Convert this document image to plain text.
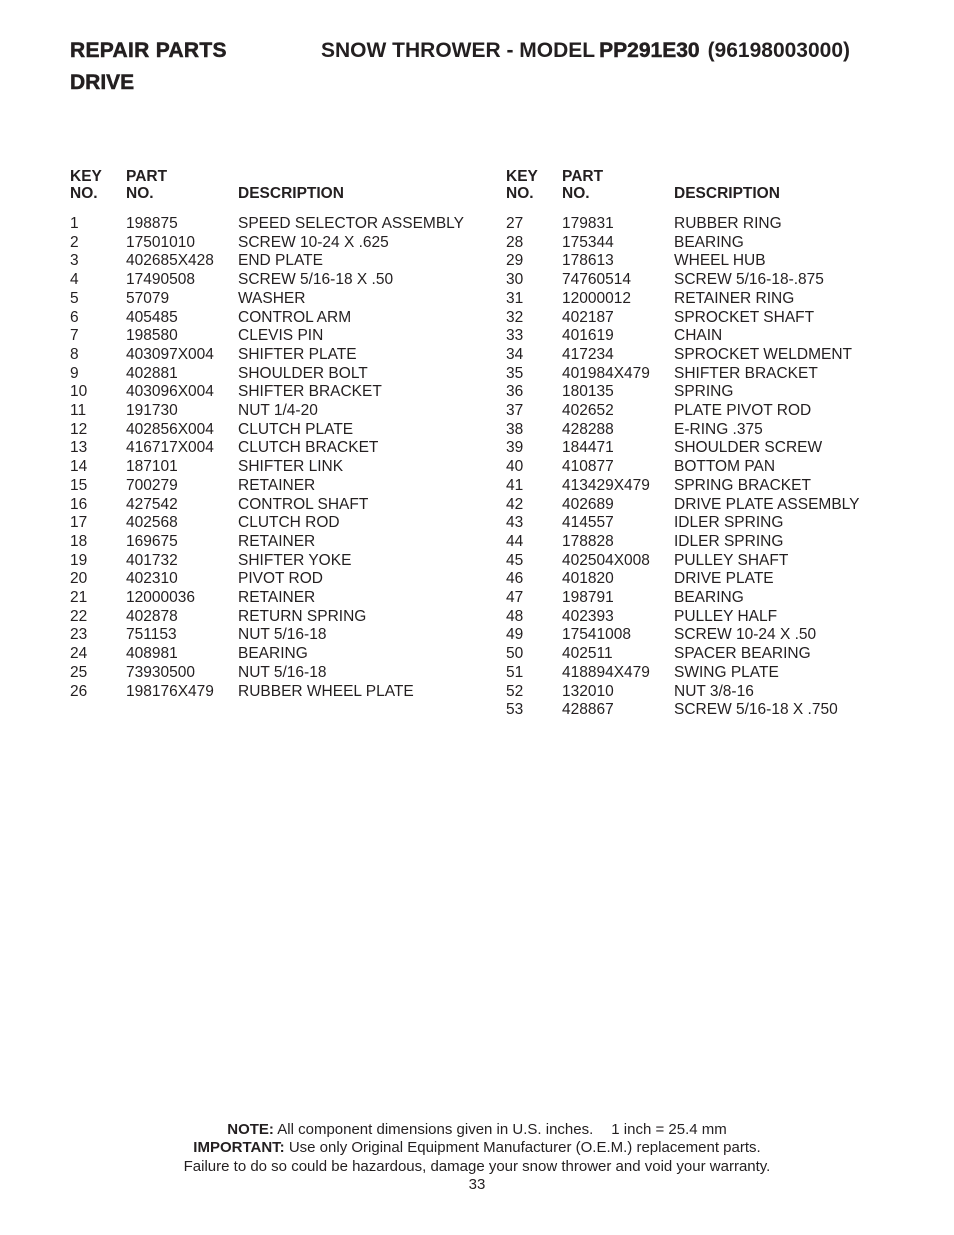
REPAIR PARTS	SNOW THROWER - MODEL PP291E30 (96198003000)
DRIVE
KEY
NO.
PART
NO.	DESCRIPTION
1	198875	SPEED SELECTOR ASSEMBLY
2	17501010	SCREW 10-24 X .625
3	402685X428 END PLATE
4	17490508	SCREW 5/16-18 X .50
5	57079	WASHER
6	405485	CONTROL ARM
7	198580	CLEVIS PIN
8	403097X004 SHIFTER PLATE
9	402881	SHOULDER BOLT
10	403096X004 SHIFTER BRACKET
11	191730	NUT 1/4-20
12	402856X004 CLUTCH PLATE
13	416717X004 CLUTCH BRACKET
14	187101	SHIFTER LINK
15	700279	RETAINER
16	427542	CONTROL SHAFT
17	402568	CLUTCH ROD
18	169675	RETAINER
19	401732	SHIFTER YOKE
20	402310	PIVOT ROD
21	12000036	RETAINER
22	402878	RETURN SPRING
23	751153	NUT 5/16-18
24	408981	BEARING
25	73930500	NUT 5/16-18
26	198176X479 RUBBER WHEEL PLATE
KEY
NO.
PART
NO.	DESCRIPTION
27	179831	RUBBER RING
28	175344	BEARING
29	178613	WHEEL HUB
30	74760514	SCREW 5/16-18-.875
31	12000012	RETAINER RING
32	402187	SPROCKET SHAFT
33	401619	CHAIN
34	417234	SPROCKET WELDMENT
35	401984X479 SHIFTER BRACKET
36	180135	SPRING
37	402652	PLATE PIVOT ROD
38	428288	E-RING .375
39	184471	SHOULDER SCREW
40	410877	BOTTOM PAN
41	413429X479 SPRING BRACKET
42	402689	DRIVE PLATE ASSEMBLY
43	414557	IDLER SPRING
44	178828	IDLER SPRING
45	402504X008 PULLEY SHAFT
46	401820	DRIVE PLATE
47	198791	BEARING
48	402393	PULLEY HALF
49	17541008	SCREW 10-24 X .50
50	402511	SPACER BEARING
51	418894X479 SWING PLATE
52	132010	NUT 3/8-16
53	428867	SCREW 5/16-18 X .750
NOTE: All component dimensions given in U.S. inches. 1 inch = 25.4 mm
IMPORTANT: Use only Original Equipment Manufacturer (O.E.M.) replacement parts.
Failure to do so could be hazardous, damage your snow thrower and void your warranty.
33
